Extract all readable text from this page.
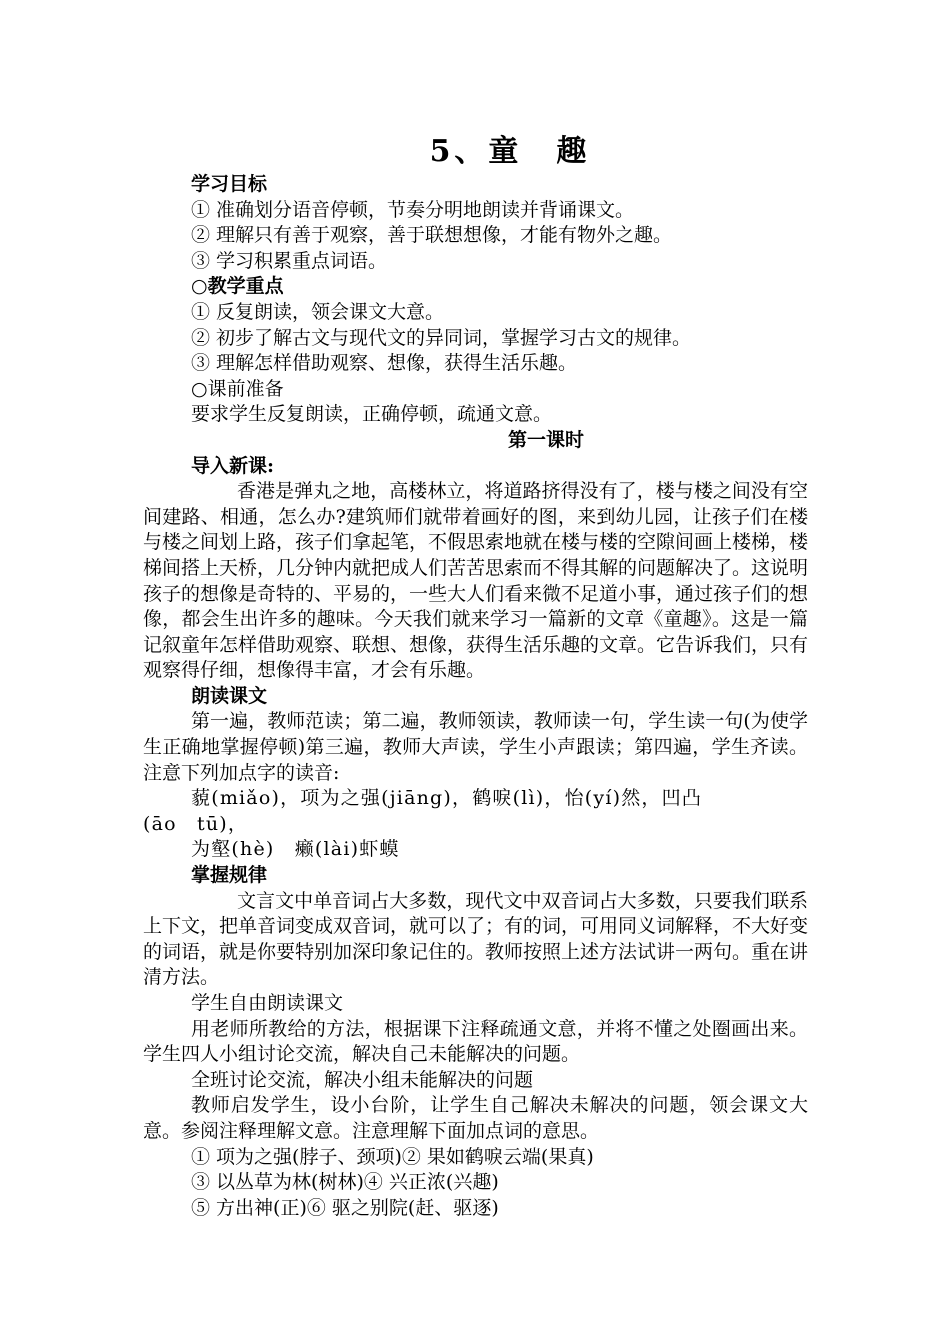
5、童　趣
学习目标
① 准确划分语音停顿，节奏分明地朗读并背诵课文。
② 理解只有善于观察，善于联想想像，才能有物外之趣。
③ 学习积累重点词语。
○教学重点
① 反复朗读，领会课文大意。
② 初步了解古文与现代文的异同词，掌握学习古文的规律。
③ 理解怎样借助观察、想像，获得生活乐趣。
○课前准备
要求学生反复朗读，正确停顿，疏通文意。
第一课时
导入新课:
香港是弹丸之地，高楼林立，将道路挤得没有了，楼与楼之间没有空间建路、相通，怎么办?建筑师们就带着画好的图，来到幼儿园，让孩子们在楼与楼之间划上路，孩子们拿起笔，不假思索地就在楼与楼的空隙间画上楼梯，楼梯间搭上天桥，几分钟内就把成人们苦苦思索而不得其解的问题解决了。这说明孩子的想像是奇特的、平易的，一些大人们看来微不足道小事，通过孩子们的想像，都会生出许多的趣味。今天我们就来学习一篇新的文章《童趣》。这是一篇记叙童年怎样借助观察、联想、想像，获得生活乐趣的文章。它告诉我们，只有观察得仔细，想像得丰富，才会有乐趣。
朗读课文
第一遍，教师范读；第二遍，教师领读，教师读一句，学生读一句(为使学生正确地掌握停顿)第三遍，教师大声读，学生小声跟读；第四遍，学生齐读。注意下列加点字的读音:
藐(miǎo)，项为之强(jiāng)，鹤唳(lì)，怡(yí)然，凹凸
(āo　tū)，
为壑(hè)　癞(lài)虾蟆
掌握规律
文言文中单音词占大多数，现代文中双音词占大多数，只要我们联系上下文，把单音词变成双音词，就可以了；有的词，可用同义词解释，不大好变的词语，就是你要特别加深印象记住的。教师按照上述方法试讲一两句。重在讲清方法。
学生自由朗读课文
用老师所教给的方法，根据课下注释疏通文意，并将不懂之处圈画出来。学生四人小组讨论交流，解决自己未能解决的问题。
全班讨论交流，解决小组未能解决的问题
教师启发学生，设小台阶，让学生自己解决未解决的问题，领会课文大意。参阅注释理解文意。注意理解下面加点词的意思。
① 项为之强(脖子、颈项)② 果如鹤唳云端(果真)
③ 以丛草为林(树林)④ 兴正浓(兴趣)
⑤ 方出神(正)⑥ 驱之别院(赶、驱逐)
